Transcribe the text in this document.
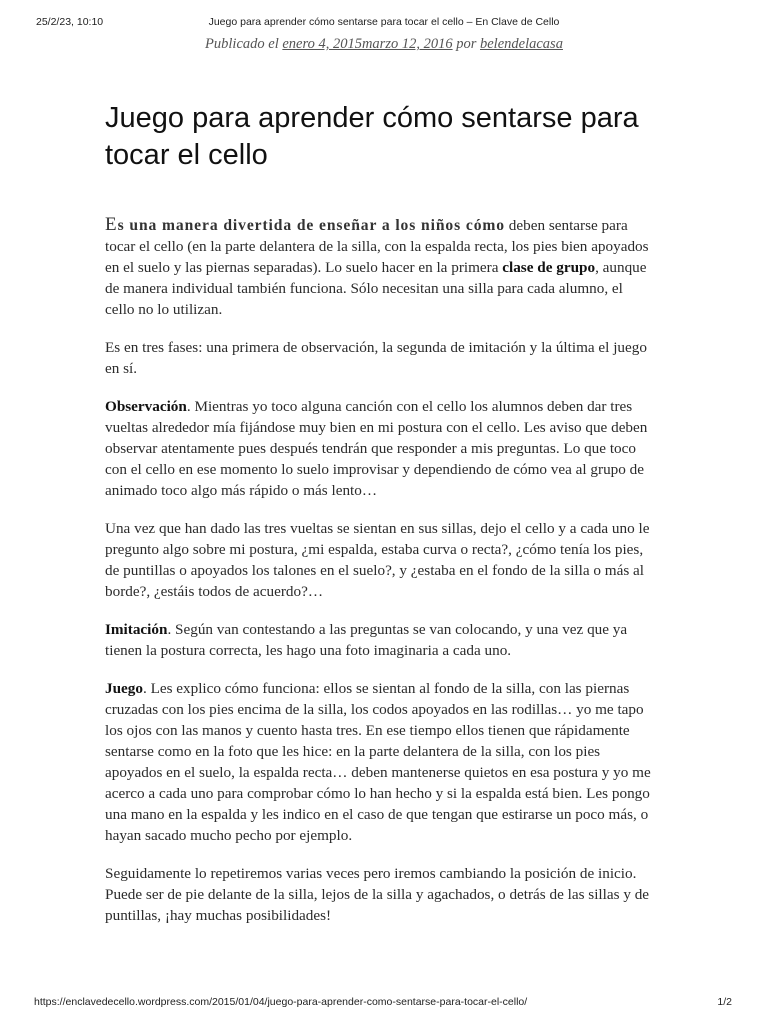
25/2/23, 10:10	Juego para aprender cómo sentarse para tocar el cello – En Clave de Cello
Publicado el enero 4, 2015marzo 12, 2016 por belendelacasa
Juego para aprender cómo sentarse para tocar el cello

Es una manera divertida de enseñar a los niños cómo deben sentarse para tocar el cello (en la parte delantera de la silla, con la espalda recta, los pies bien apoyados en el suelo y las piernas separadas). Lo suelo hacer en la primera clase de grupo, aunque de manera individual también funciona. Sólo necesitan una silla para cada alumno, el cello no lo utilizan.

Es en tres fases: una primera de observación, la segunda de imitación y la última el juego en sí.

Observación. Mientras yo toco alguna canción con el cello los alumnos deben dar tres vueltas alrededor mía fijándose muy bien en mi postura con el cello. Les aviso que deben observar atentamente pues después tendrán que responder a mis preguntas. Lo que toco con el cello en ese momento lo suelo improvisar y dependiendo de cómo vea al grupo de animado toco algo más rápido o más lento…

Una vez que han dado las tres vueltas se sientan en sus sillas, dejo el cello y a cada uno le pregunto algo sobre mi postura, ¿mi espalda, estaba curva o recta?, ¿cómo tenía los pies, de puntillas o apoyados los talones en el suelo?, y ¿estaba en el fondo de la silla o más al borde?, ¿estáis todos de acuerdo?…

Imitación. Según van contestando a las preguntas se van colocando, y una vez que ya tienen la postura correcta, les hago una foto imaginaria a cada uno.

Juego. Les explico cómo funciona: ellos se sientan al fondo de la silla, con las piernas cruzadas con los pies encima de la silla, los codos apoyados en las rodillas… yo me tapo los ojos con las manos y cuento hasta tres. En ese tiempo ellos tienen que rápidamente sentarse como en la foto que les hice: en la parte delantera de la silla, con los pies apoyados en el suelo, la espalda recta… deben mantenerse quietos en esa postura y yo me acerco a cada uno para comprobar cómo lo han hecho y si la espalda está bien. Les pongo una mano en la espalda y les indico en el caso de que tengan que estirarse un poco más, o hayan sacado mucho pecho por ejemplo.

Seguidamente lo repetiremos varias veces pero iremos cambiando la posición de inicio. Puede ser de pie delante de la silla, lejos de la silla y agachados, o detrás de las sillas y de puntillas, ¡hay muchas posibilidades!

https://enclavedecello.wordpress.com/2015/01/04/juego-para-aprender-como-sentarse-para-tocar-el-cello/	1/2
